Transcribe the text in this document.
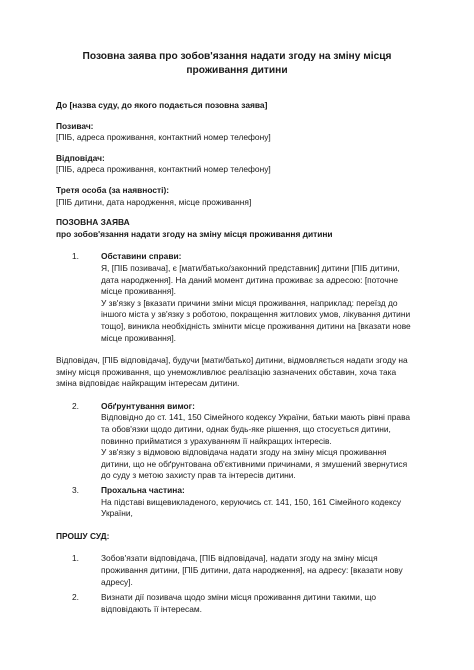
Позовна заява про зобов'язання надати згоду на зміну місця проживання дитини

До [назва суду, до якого подається позовна заява]

Позивач:

[ПІБ, адреса проживання, контактний номер телефону]

Відповідач:

[ПІБ, адреса проживання, контактний номер телефону]

Третя особа (за наявності):

[ПІБ дитини, дата народження, місце проживання]

ПОЗОВНА ЗАЯВА

про зобов'язання надати згоду на зміну місця проживання дитини

1.	Обставини справи:
Я, [ПІБ позивача], є [мати/батько/законний представник] дитини [ПІБ дитини, дата народження]. На даний момент дитина проживає за адресою: [поточне місце проживання].
У зв'язку з [вказати причини зміни місця проживання, наприклад: переїзд до іншого міста у зв'язку з роботою, покращення житлових умов, лікування дитини тощо], виникла необхідність змінити місце проживання дитини на [вказати нове місце проживання].

Відповідач, [ПІБ відповідача], будучи [мати/батько] дитини, відмовляється надати згоду на зміну місця проживання, що унеможливлює реалізацію зазначених обставин, хоча така зміна відповідає найкращим інтересам дитини.

2.	Обґрунтування вимог:
Відповідно до ст. 141, 150 Сімейного кодексу України, батьки мають рівні права та обов'язки щодо дитини, однак будь-яке рішення, що стосується дитини, повинно прийматися з урахуванням її найкращих інтересів.
У зв'язку з відмовою відповідача надати згоду на зміну місця проживання дитини, що не обґрунтована об'єктивними причинами, я змушений звернутися до суду з метою захисту прав та інтересів дитини.
3.	Прохальна частина:
На підставі вищевикладеного, керуючись ст. 141, 150, 161 Сімейного кодексу України,

ПРОШУ СУД:

1.	Зобов'язати відповідача, [ПІБ відповідача], надати згоду на зміну місця проживання дитини, [ПІБ дитини, дата народження], на адресу: [вказати нову адресу].
2.	Визнати дії позивача щодо зміни місця проживання дитини такими, що відповідають її інтересам.
